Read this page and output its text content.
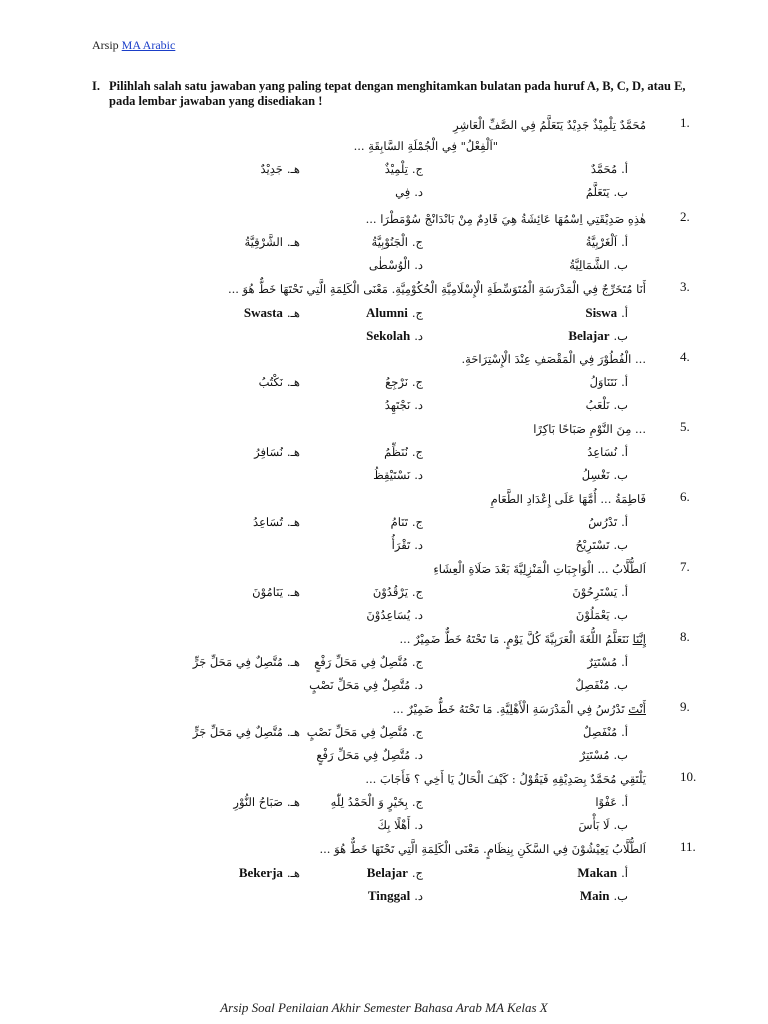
Arsip MA Arabic
I. Pilihlah salah satu jawaban yang paling tepat dengan menghitamkan bulatan pada huruf A, B, C, D, atau E, pada lembar jawaban yang disediakan !
1.
مُحَمَّدٌ تِلْمِيْذٌ جَدِيْدٌ يَتَعَلَّمُ فِي الصَّفِّ الْعَاشِرِ
"اَلْفِعْلُ" فِي الْجُمْلَةِ السَّابِقَةِ ...
أ.مُحَمَّدٌ
ج.تِلْمِيْذٌ
هـ.جَدِيْدٌ
ب.يَتَعَلَّمُ
د.فِي
2.
هٰذِهِ صَدِيْقَتِي اِسْمُهَا عَائِشَةُ هِيَ قَادِمٌ مِنْ بَانْدَانْجْ سُوْمَطْرَا ...
أ.اَلْغَرْبِيَّةُ
ج.الْجَنُوْبِيَّةُ
هـ.الشَّرْقِيَّةُ
ب.الشَّمَالِيَّةُ
د.الْوُسْطٰى
3.
أَنَا مُتَخَرِّجٌ فِي الْمَدْرَسَةِ الْمُتَوَسِّطَةِ الْإِسْلَامِيَّةِ الْحُكُوْمِيَّةِ. مَعْنَى الْكَلِمَةِ الَّتِي تَحْتَهَا خَطٌّ هُوَ ...
أ.Siswa
ج.Alumni
هـ.Swasta
ب.Belajar
د.Sekolah
4.
... الْفُطُوْرَ فِي الْمَقْصَفِ عِنْدَ الْإِسْتِرَاحَةِ.
أ.نَتَنَاوَلُ
ج.نَرْجِعُ
هـ.نَكْتُبُ
ب.نَلْعَبُ
د.نَجْتَهِدُ
5.
... مِنَ النَّوْمِ صَبَاحًا بَاكِرًا
أ.نُسَاعِدُ
ج.نُنَظِّمُ
هـ.نُسَافِرُ
ب.نَغْسِلُ
د.نَسْتَيْقِظُ
6.
فَاطِمَةُ ... أُمَّهَا عَلَى إِعْدَادِ الطَّعَامِ
أ.تَدْرُسُ
ج.تَنَامُ
هـ.تُسَاعِدُ
ب.تَسْتَرِيْحُ
د.تَقْرَأُ
7.
اَلطُّلَّابُ ... الْوَاجِبَاتِ الْمَنْزِلِيَّةَ بَعْدَ صَلَاةِ الْعِشَاءِ
أ.يَسْتَرِحُوْنَ
ج.يَرْقُدُوْنَ
هـ.يَنَامُوْنَ
ب.يَعْمَلُوْنَ
د.يُسَاعِدُوْنَ
8.
إِنَّنَا نَتَعَلَّمُ اللُّغَةَ الْعَرَبِيَّةَ كُلَّ يَوْمٍ. مَا تَحْتَهُ خَطٌّ ضَمِيْرٌ ...
أ.مُسْتَتِرٌ
ج.مُتَّصِلٌ فِي مَحَلِّ رَفْعٍ
هـ.مُتَّصِلٌ فِي مَحَلِّ جَرٍّ
ب.مُنْفَصِلٌ
د.مُتَّصِلٌ فِي مَحَلِّ نَصْبٍ
9.
أَنْتَ تَدْرُسُ فِي الْمَدْرَسَةِ الْأَهْلِيَّةِ. مَا تَحْتَهُ خَطٌّ ضَمِيْرٌ ...
أ.مُنْفَصِلٌ
ج.مُتَّصِلٌ فِي مَحَلِّ نَصْبٍ
هـ.مُتَّصِلٌ فِي مَحَلِّ جَرٍّ
ب.مُسْتَتِرٌ
د.مُتَّصِلٌ فِي مَحَلِّ رَفْعٍ
10.
يَلْتَقِي مُحَمَّدٌ بِصَدِيْقِهِ فَيَقُوْلُ : كَيْفَ الْحَالُ يَا أَخِي ؟ فَأَجَابَ ...
أ.عَفْوًا
ج.بِخَيْرٍ وَ الْحَمْدُ لِلّٰهِ
هـ.صَبَاحُ النُّوْرِ
ب.لَا بَأْسَ
د.أَهْلًا بِكَ
11.
اَلطُّلَّابُ يَعِيْشُوْنَ فِي السَّكَنِ بِنِظَامٍ. مَعْنَى الْكَلِمَةِ الَّتِي تَحْتَهَا خَطٌّ هُوَ ...
أ.Makan
ج.Belajar
هـ.Bekerja
ب.Main
د.Tinggal
Arsip Soal Penilaian Akhir Semester Bahasa Arab MA Kelas X
